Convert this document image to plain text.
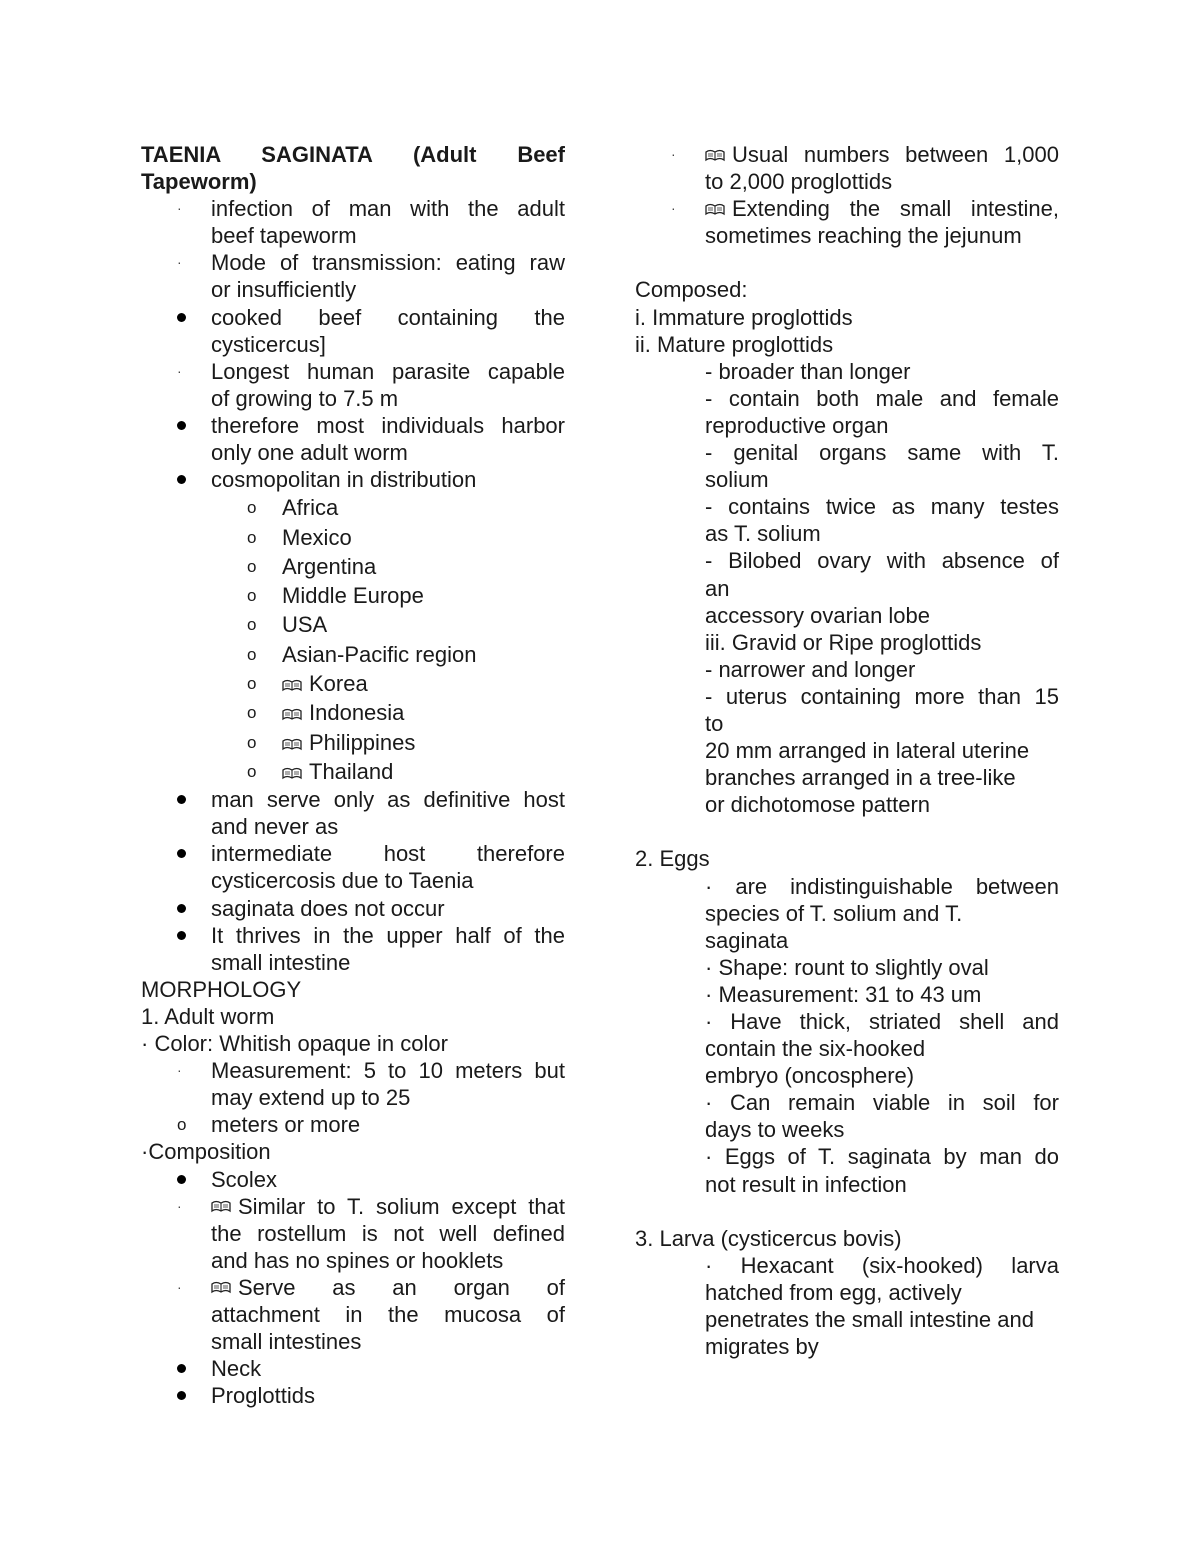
TAENIA SAGINATA (Adult Beef
Tapeworm)
·	infection of man with the adult
beef tapeworm
·	Mode of transmission: eating raw
or insufficiently
cooked beef containing the
cysticercus]
·	Longest human parasite capable
of growing to 7.5 m
therefore most individuals harbor
only one adult worm
cosmopolitan in distribution
o	Africa
o	Mexico
o	Argentina
o	Middle Europe
o	USA
o	Asian-Pacific region
o	Korea
o	Indonesia
o	Philippines
o	Thailand
man serve only as definitive host
and never as
intermediate host therefore
cysticercosis due to Taenia
saginata does not occur
It thrives in the upper half of the
small intestine
MORPHOLOGY
1. Adult worm
· Color: Whitish opaque in color
·	Measurement: 5 to 10 meters but
may extend up to 25
o	meters or more
·Composition
Scolex
·	Similar to T. solium except that
the rostellum is not well defined
and has no spines or hooklets
·	Serve as an organ of
attachment in the mucosa of
small intestines
Neck
Proglottids
·	Usual numbers between 1,000
to 2,000 proglottids
·	Extending the small intestine,
sometimes reaching the jejunum
Composed:
i. Immature proglottids
ii. Mature proglottids
- broader than longer
- contain both male and female
reproductive organ
- genital organs same with T.
solium
- contains twice as many testes
as T. solium
- Bilobed ovary with absence of
an
accessory ovarian lobe
iii. Gravid or Ripe proglottids
- narrower and longer
- uterus containing more than 15
to
20 mm arranged in lateral uterine
branches arranged in a tree-like
or dichotomose pattern
2. Eggs
· are indistinguishable between
species of T. solium and T.
saginata
· Shape: rount to slightly oval
· Measurement: 31 to 43 um
· Have thick, striated shell and
contain the six-hooked
embryo (oncosphere)
· Can remain viable in soil for
days to weeks
· Eggs of T. saginata by man do
not result in infection
3. Larva (cysticercus bovis)
· Hexacant (six-hooked) larva
hatched from egg, actively
penetrates the small intestine and
migrates by
